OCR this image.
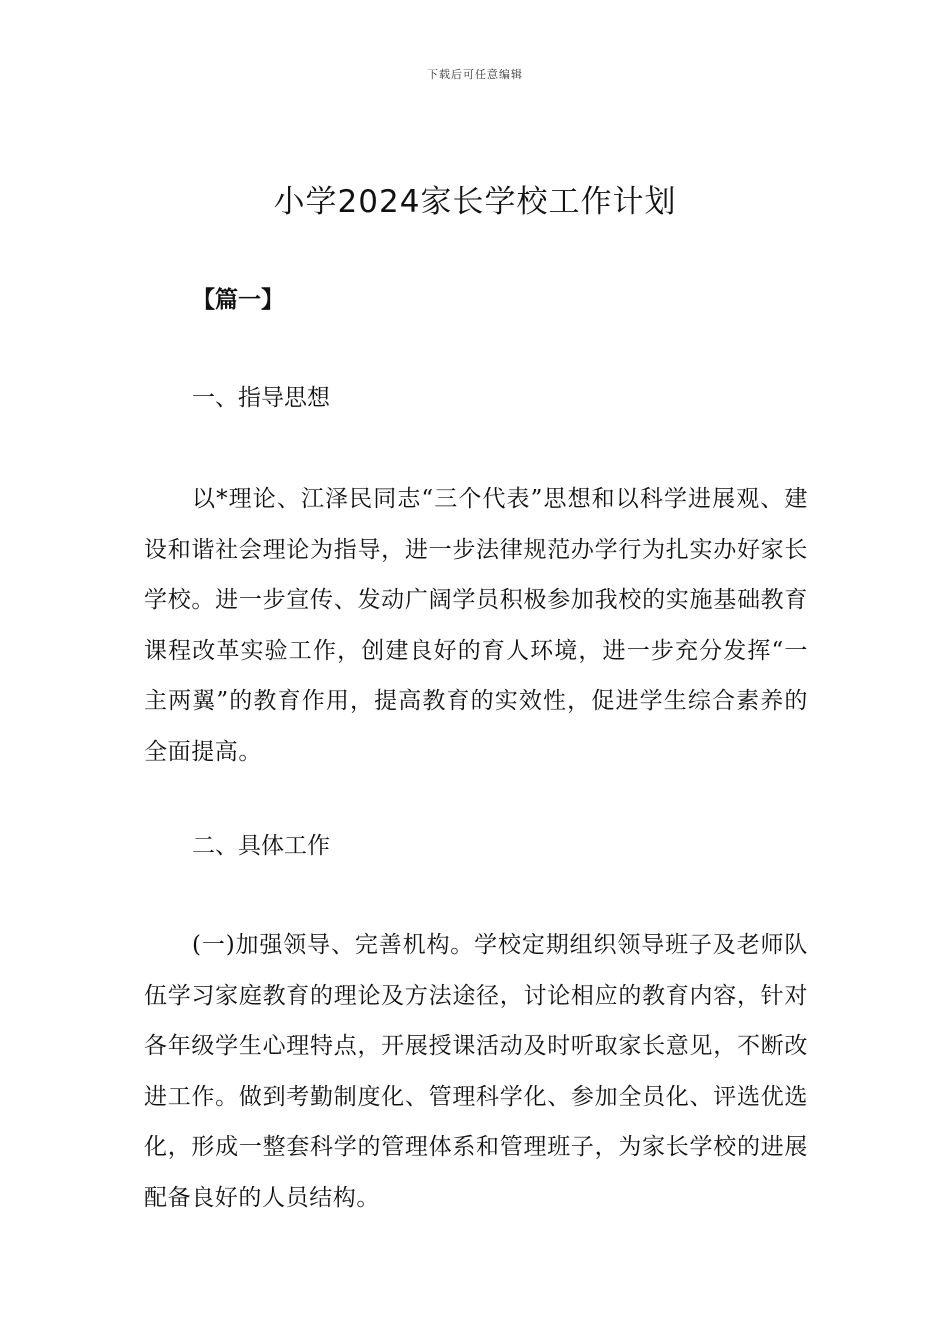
下载后可任意编辑
小学2024家长学校工作计划

【篇一】

一、指导思想

以*理论、江泽民同志“三个代表”思想和以科学进展观、建设和谐社会理论为指导，进一步法律规范办学行为扎实办好家长学校。进一步宣传、发动广阔学员积极参加我校的实施基础教育课程改革实验工作，创建良好的育人环境，进一步充分发挥“一主两翼”的教育作用，提高教育的实效性，促进学生综合素养的全面提高。

二、具体工作

(一)加强领导、完善机构。学校定期组织领导班子及老师队伍学习家庭教育的理论及方法途径，讨论相应的教育内容，针对各年级学生心理特点，开展授课活动及时听取家长意见，不断改进工作。做到考勤制度化、管理科学化、参加全员化、评选优选化，形成一整套科学的管理体系和管理班子，为家长学校的进展配备良好的人员结构。
